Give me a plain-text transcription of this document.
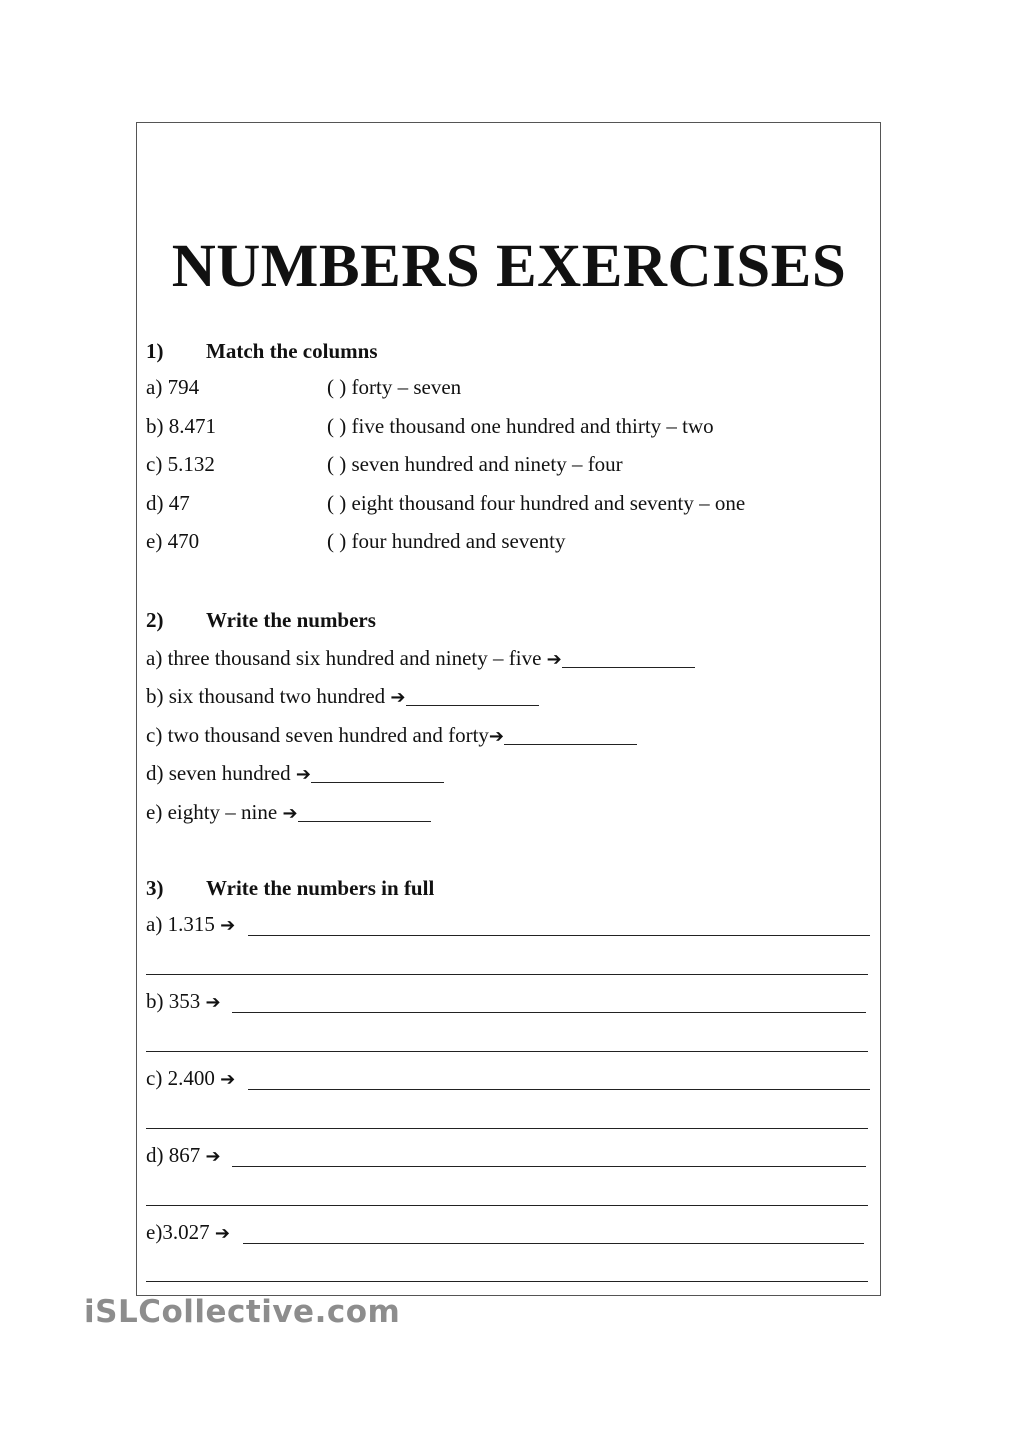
NUMBERS EXERCISES
1) Match the columns
a) 794	( ) forty – seven
b) 8.471	( ) five thousand one hundred and thirty – two
c) 5.132	( ) seven hundred and ninety – four
d) 47	( ) eight thousand four hundred and seventy – one
e) 470	( ) four hundred and seventy
2) Write the numbers
a) three thousand six hundred and ninety – five ➔
b) six thousand two hundred ➔
c) two thousand seven hundred and forty➔
d) seven hundred ➔
e) eighty – nine ➔
3) Write the numbers in full
a) 1.315 ➔
b) 353 ➔
c) 2.400 ➔
d) 867 ➔
e)3.027 ➔
iSLCollective.com
